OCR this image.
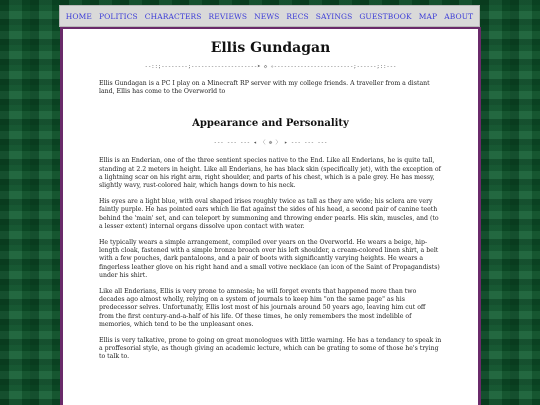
HOME POLITICS CHARACTERS REVIEWS NEWS RECS SAYINGS GUESTBOOK MAP ABOUT
Ellis Gundagan
--::;--------;--------------------➤ ◇ ✧------------------------;------;::---

Ellis Gundagan is a PC I play on a Minecraft RP server with my college friends. A traveller from a distant land, Ellis has come to the Overworld to

Appearance and Personality
--- --- --- ◂ 〈 ❁ 〉 ▸ --- --- ---

Ellis is an Enderian, one of the three sentient species native to the End. Like all Enderians, he is quite tall, standing at 2.2 meters in height. Like all Enderians, he has black skin (specifically jet), with the exception of a lightning scar on his right arm, right shoulder, and parts of his chest, which is a pale grey. He has messy, slightly wavy, rust-colored hair, which hangs down to his neck.

His eyes are a light blue, with oval shaped irises roughly twice as tall as they are wide; his sclera are very faintly purple. He has pointed ears which lie flat against the sides of his head, a second pair of canine teeth behind the 'main' set, and can teleport by summoning and throwing ender pearls. His skin, muscles, and (to a lesser extent) internal organs dissolve upon contact with water.

He typically wears a simple arrangement, compiled over years on the Overworld. He wears a beige, hip-length cloak, fastened with a simple bronze broach over his left shoulder, a cream-colored linen shirt, a belt with a few pouches, dark pantaloons, and a pair of boots with significantly varying heights. He wears a fingerless leather glove on his right hand and a small votive necklace (an icon of the Saint of Propagandists) under his shirt.

Like all Enderians, Ellis is very prone to amnesia; he will forget events that happened more than two decades ago almost wholly, relying on a system of journals to keep him "on the same page" as his predecessor selves. Unfortunatly, Ellis lost most of his journals around 50 years ago, leaving him cut off from the first century-and-a-half of his life. Of these times, he only remembers the most indelible of memories, which tend to be the unpleasant ones.

Ellis is very talkative, prone to going on great monologues with little warning. He has a tendancy to speak in a proffesorial style, as though giving an academic lecture, which can be grating to some of those he's trying to talk to.
